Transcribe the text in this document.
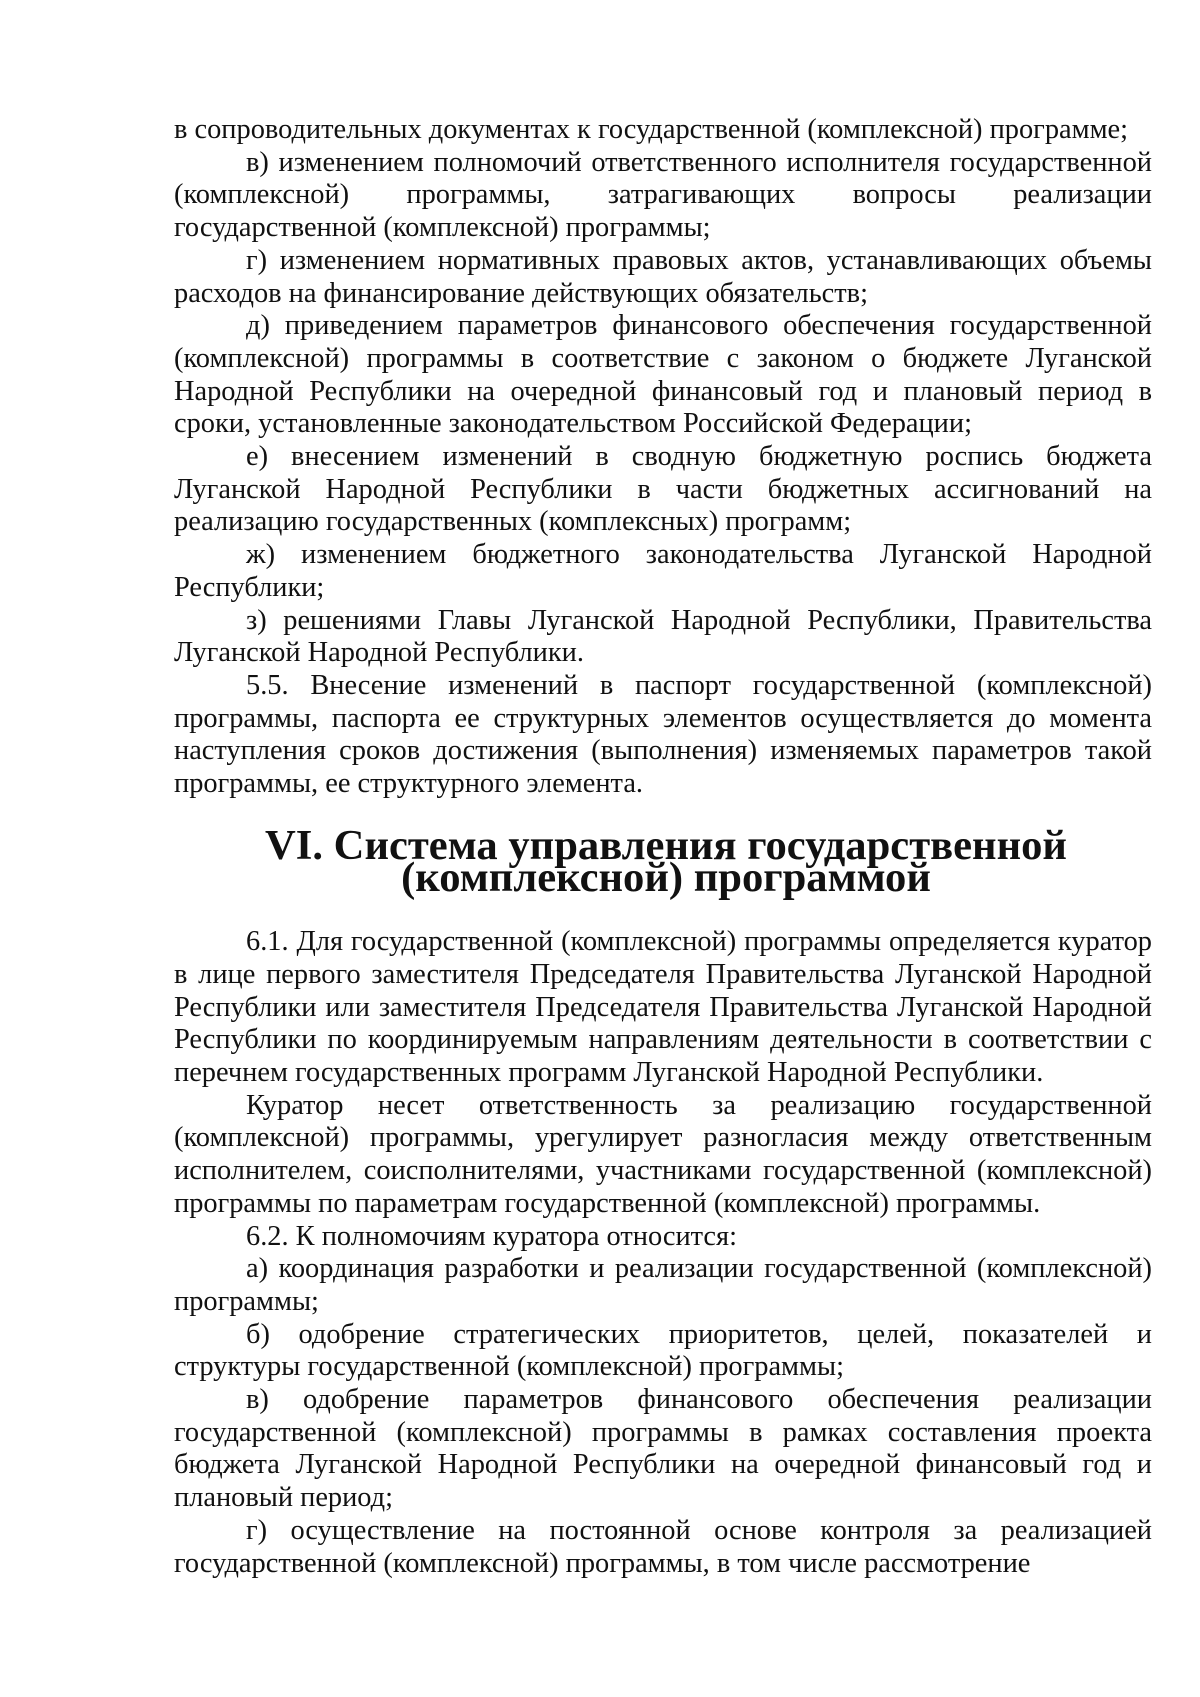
в сопроводительных документах к государственной (комплексной) программе;

в) изменением полномочий ответственного исполнителя государственной (комплексной) программы, затрагивающих вопросы реализации государственной (комплексной) программы;

г) изменением нормативных правовых актов, устанавливающих объемы расходов на финансирование действующих обязательств;

д) приведением параметров финансового обеспечения государственной (комплексной) программы в соответствие с законом о бюджете Луганской Народной Республики на очередной финансовый год и плановый период в сроки, установленные законодательством Российской Федерации;

е) внесением изменений в сводную бюджетную роспись бюджета Луганской Народной Республики в части бюджетных ассигнований на реализацию государственных (комплексных) программ;

ж) изменением бюджетного законодательства Луганской Народной Республики;

з) решениями Главы Луганской Народной Республики, Правительства Луганской Народной Республики.

5.5. Внесение изменений в паспорт государственной (комплексной) программы, паспорта ее структурных элементов осуществляется до момента наступления сроков достижения (выполнения) изменяемых параметров такой программы, ее структурного элемента.

VI. Система управления государственной (комплексной) программой

6.1. Для государственной (комплексной) программы определяется куратор в лице первого заместителя Председателя Правительства Луганской Народной Республики или заместителя Председателя Правительства Луганской Народной Республики по координируемым направлениям деятельности в соответствии с перечнем государственных программ Луганской Народной Республики.

Куратор несет ответственность за реализацию государственной (комплексной) программы, урегулирует разногласия между ответственным исполнителем, соисполнителями, участниками государственной (комплексной) программы по параметрам государственной (комплексной) программы.

6.2. К полномочиям куратора относится:

а) координация разработки и реализации государственной (комплексной) программы;

б) одобрение стратегических приоритетов, целей, показателей и структуры государственной (комплексной) программы;

в) одобрение параметров финансового обеспечения реализации государственной (комплексной) программы в рамках составления проекта бюджета Луганской Народной Республики на очередной финансовый год и плановый период;

г) осуществление на постоянной основе контроля за реализацией государственной (комплексной) программы, в том числе рассмотрение
